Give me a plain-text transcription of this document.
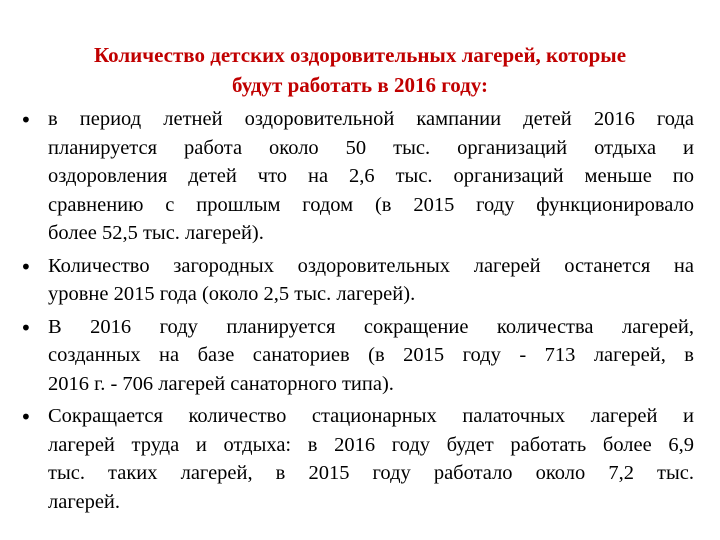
Количество детских оздоровительных лагерей, которые
будут работать в 2016 году:
• в период летней оздоровительной кампании детей 2016 года
планируется работа около 50 тыс. организаций отдыха и
оздоровления детей что на 2,6 тыс. организаций меньше по
сравнению с прошлым годом (в 2015 году функционировало
более 52,5 тыс. лагерей).
• Количество загородных оздоровительных лагерей останется на
уровне 2015 года (около 2,5 тыс. лагерей).
• В 2016 году планируется сокращение количества лагерей,
созданных на базе санаториев (в 2015 году - 713 лагерей, в
2016 г. - 706 лагерей санаторного типа).
• Сокращается количество стационарных палаточных лагерей и
лагерей труда и отдыха: в 2016 году будет работать более 6,9
тыс. таких лагерей, в 2015 году работало около 7,2 тыс.
лагерей.
